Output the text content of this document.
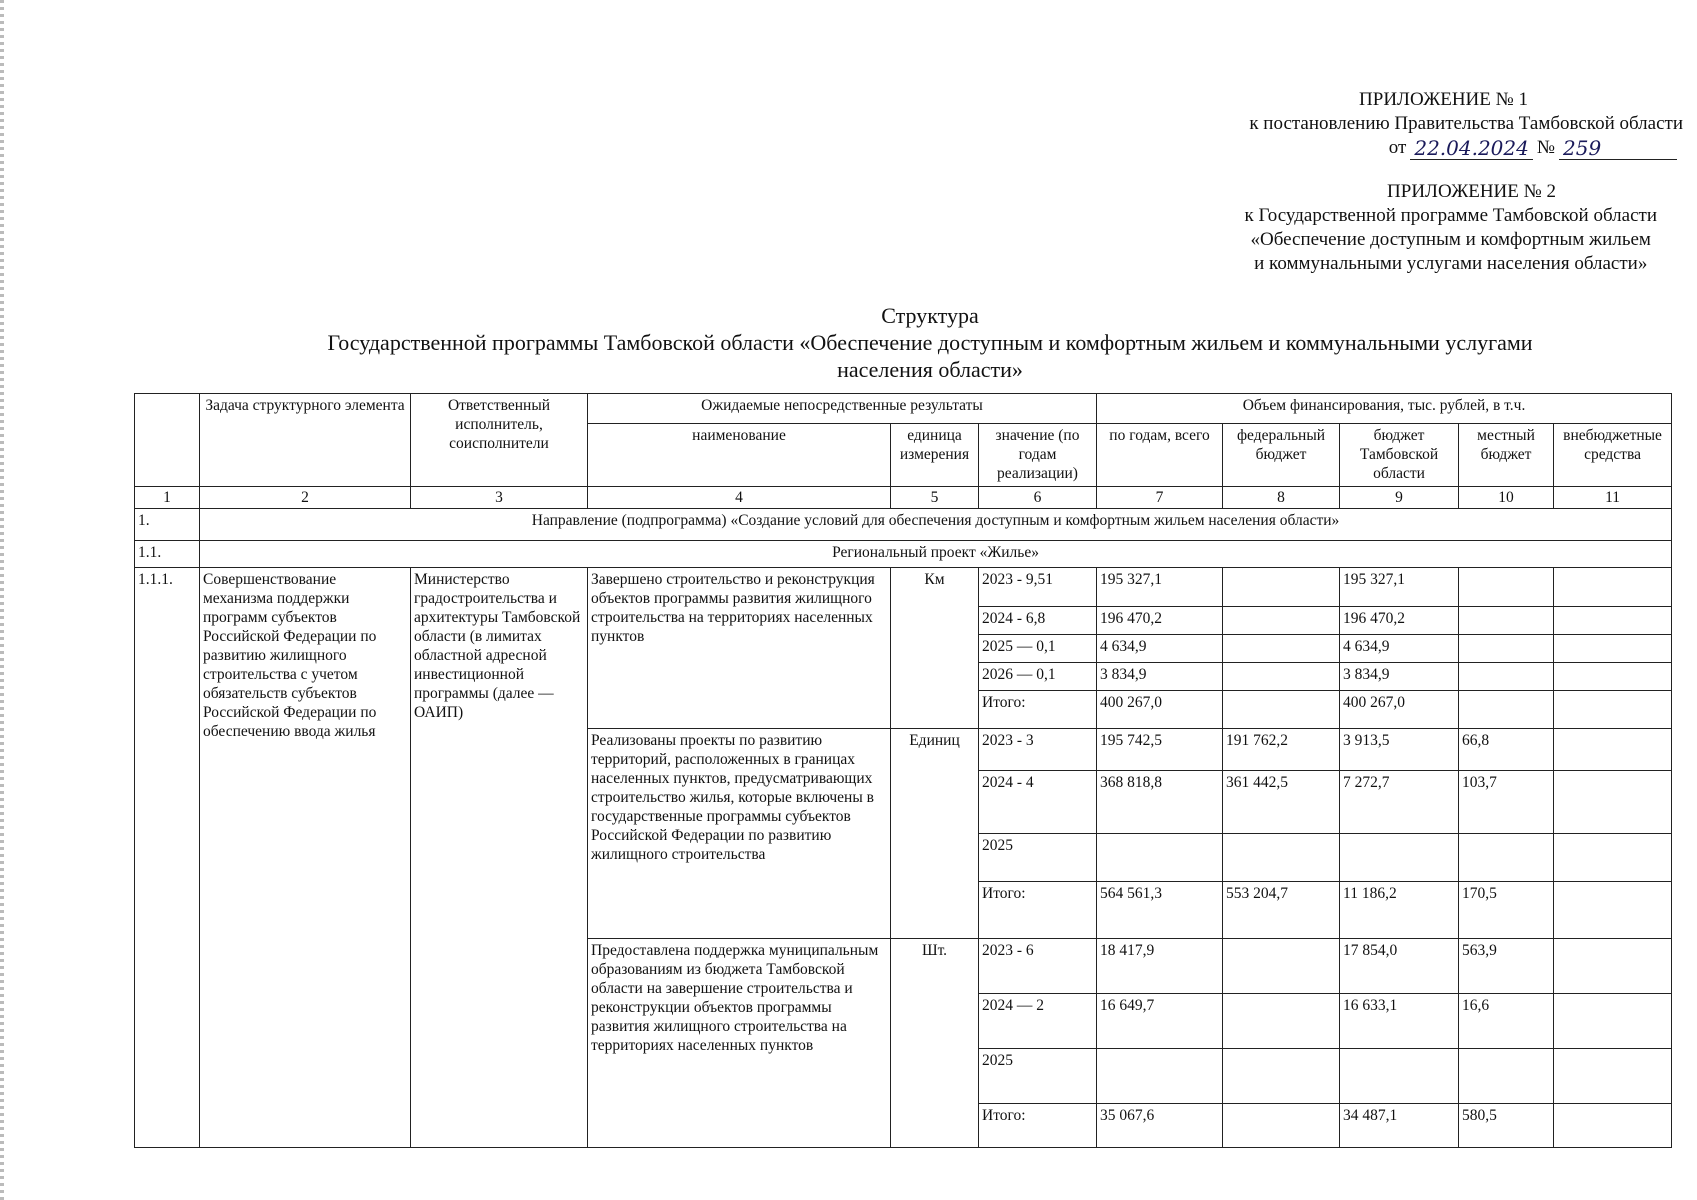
ПРИЛОЖЕНИЕ № 1
к постановлению Правительства Тамбовской области
от 22.04.2024 № 259
ПРИЛОЖЕНИЕ № 2
к Государственной программе Тамбовской области
«Обеспечение доступным и комфортным жильем
и коммунальными услугами населения области»
Структура
Государственной программы Тамбовской области «Обеспечение доступным и комфортным жильем и коммунальными услугами
населения области»
	Задача структурного элемента	Ответственный исполнитель, соисполнители	Ожидаемые непосредственные результаты			Объем финансирования, тыс. рублей, в т.ч.				
			наименование	единица измерения	значение (по годам реализации)	по годам, всего	федеральный бюджет	бюджет Тамбовской области	местный бюджет	внебюджетные средства
1	2	3	4	5	6	7	8	9	10	11
1.	Направление (подпрограмма) «Создание условий для обеспечения доступным и комфортным жильем населения области»									
1.1.	Региональный проект «Жилье»									
1.1.1.	Совершенствование механизма поддержки программ субъектов Российской Федерации по развитию жилищного строительства с учетом обязательств субъектов Российской Федерации по обеспечению ввода жилья	Министерство градостроительства и архитектуры Тамбовской области (в лимитах областной адресной инвестиционной программы (далее — ОАИП)	Завершено строительство и реконструкция объектов программы развития жилищного строительства на территориях населенных пунктов	Км	2023 - 9,51	195 327,1		195 327,1		
					2024 - 6,8	196 470,2		196 470,2		
					2025 — 0,1	4 634,9		4 634,9		
					2026 — 0,1	3 834,9		3 834,9		
					Итого:	400 267,0		400 267,0		
			Реализованы проекты по развитию территорий, расположенных в границах населенных пунктов, предусматривающих строительство жилья, которые включены в государственные программы субъектов Российской Федерации по развитию жилищного строительства	Единиц	2023 - 3	195 742,5	191 762,2	3 913,5	66,8	
					2024 - 4	368 818,8	361 442,5	7 272,7	103,7	
					2025					
					Итого:	564 561,3	553 204,7	11 186,2	170,5	
			Предоставлена поддержка муниципальным образованиям из бюджета Тамбовской области на завершение строительства и реконструкции объектов программы развития жилищного строительства на территориях населенных пунктов	Шт.	2023 - 6	18 417,9		17 854,0	563,9	
					2024 — 2	16 649,7		16 633,1	16,6	
					2025					
					Итого:	35 067,6		34 487,1	580,5	
